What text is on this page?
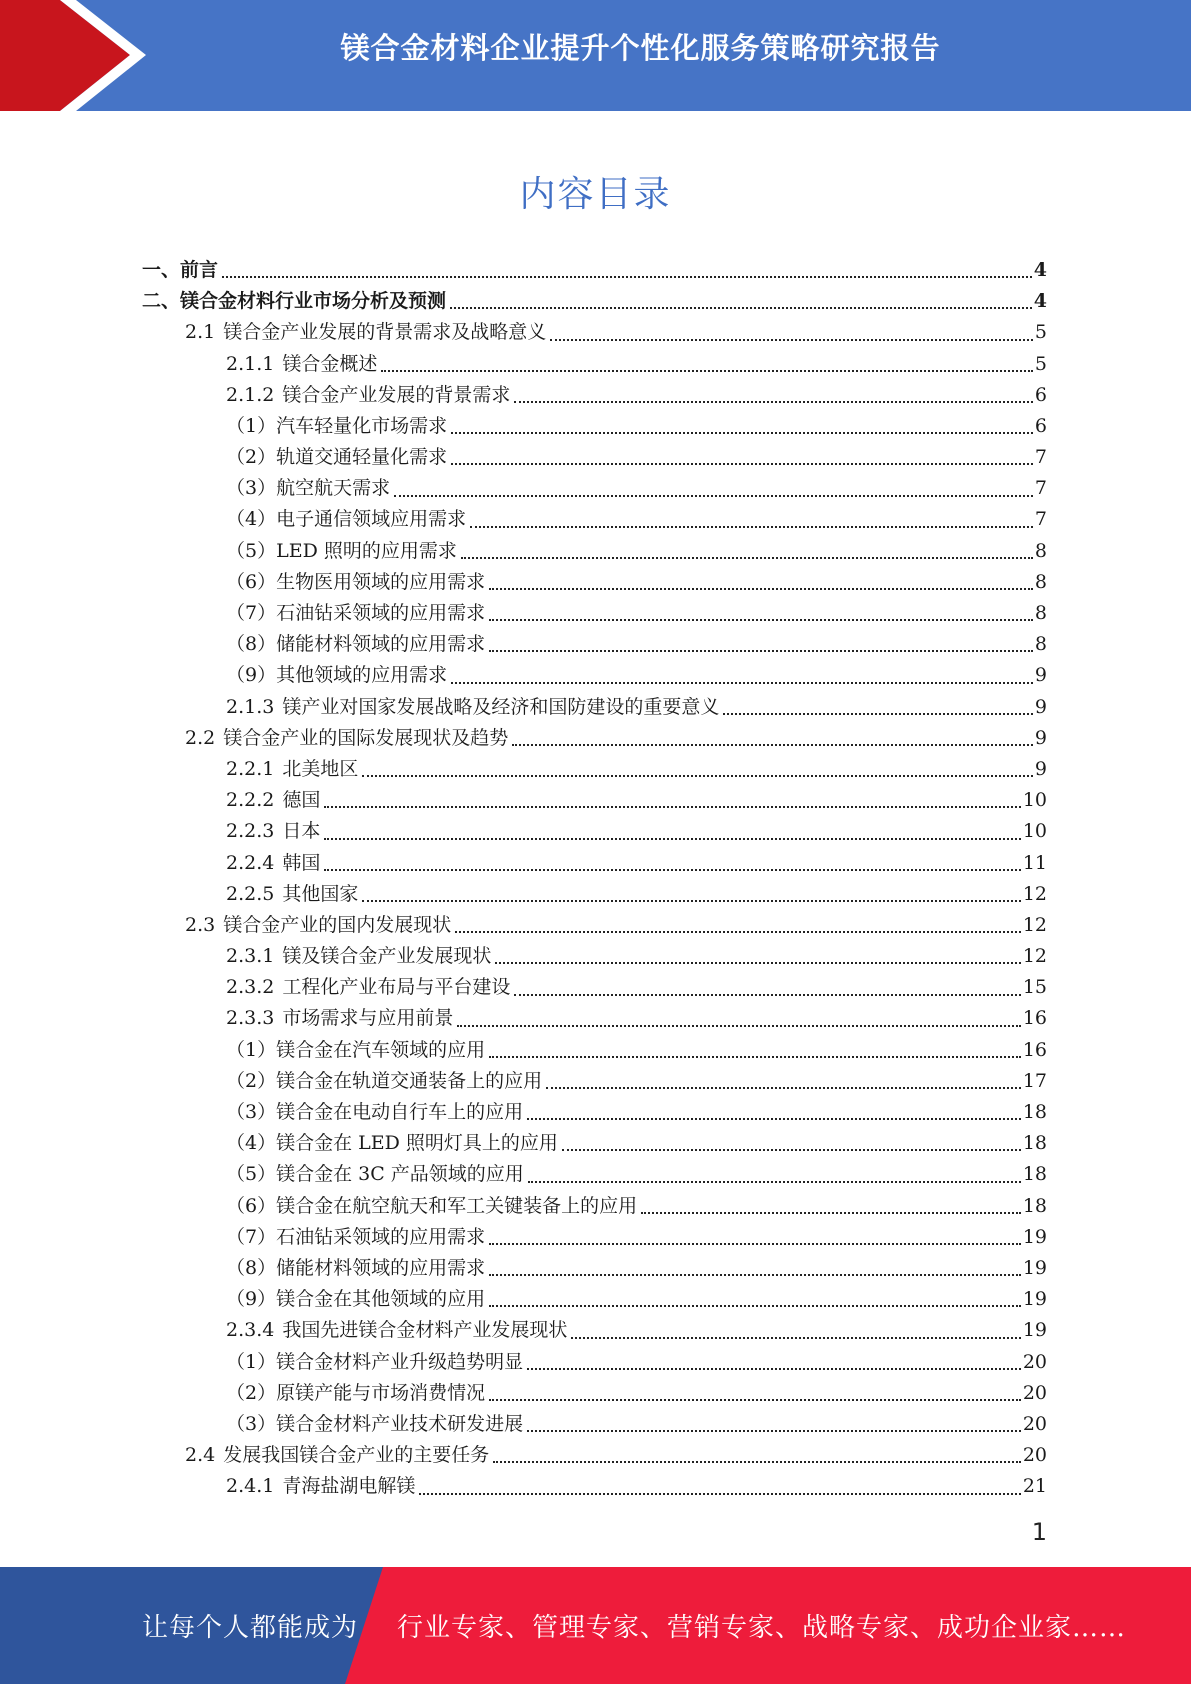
镁合金材料企业提升个性化服务策略研究报告
内容目录
一、前言	4
二、镁合金材料行业市场分析及预测	4
2.1 镁合金产业发展的背景需求及战略意义	5
2.1.1 镁合金概述	5
2.1.2 镁合金产业发展的背景需求	6
（1）汽车轻量化市场需求	6
（2）轨道交通轻量化需求	7
（3）航空航天需求	7
（4）电子通信领域应用需求	7
（5）LED 照明的应用需求	8
（6）生物医用领域的应用需求	8
（7）石油钻采领域的应用需求	8
（8）储能材料领域的应用需求	8
（9）其他领域的应用需求	9
2.1.3 镁产业对国家发展战略及经济和国防建设的重要意义	9
2.2 镁合金产业的国际发展现状及趋势	9
2.2.1 北美地区	9
2.2.2 德国	10
2.2.3 日本	10
2.2.4 韩国	11
2.2.5 其他国家	12
2.3 镁合金产业的国内发展现状	12
2.3.1 镁及镁合金产业发展现状	12
2.3.2 工程化产业布局与平台建设	15
2.3.3 市场需求与应用前景	16
（1）镁合金在汽车领域的应用	16
（2）镁合金在轨道交通装备上的应用	17
（3）镁合金在电动自行车上的应用	18
（4）镁合金在 LED 照明灯具上的应用	18
（5）镁合金在 3C 产品领域的应用	18
（6）镁合金在航空航天和军工关键装备上的应用	18
（7）石油钻采领域的应用需求	19
（8）储能材料领域的应用需求	19
（9）镁合金在其他领域的应用	19
2.3.4 我国先进镁合金材料产业发展现状	19
（1）镁合金材料产业升级趋势明显	20
（2）原镁产能与市场消费情况	20
（3）镁合金材料产业技术研发进展	20
2.4 发展我国镁合金产业的主要任务	20
2.4.1 青海盐湖电解镁	21
1
让每个人都能成为 行业专家、管理专家、营销专家、战略专家、成功企业家……
